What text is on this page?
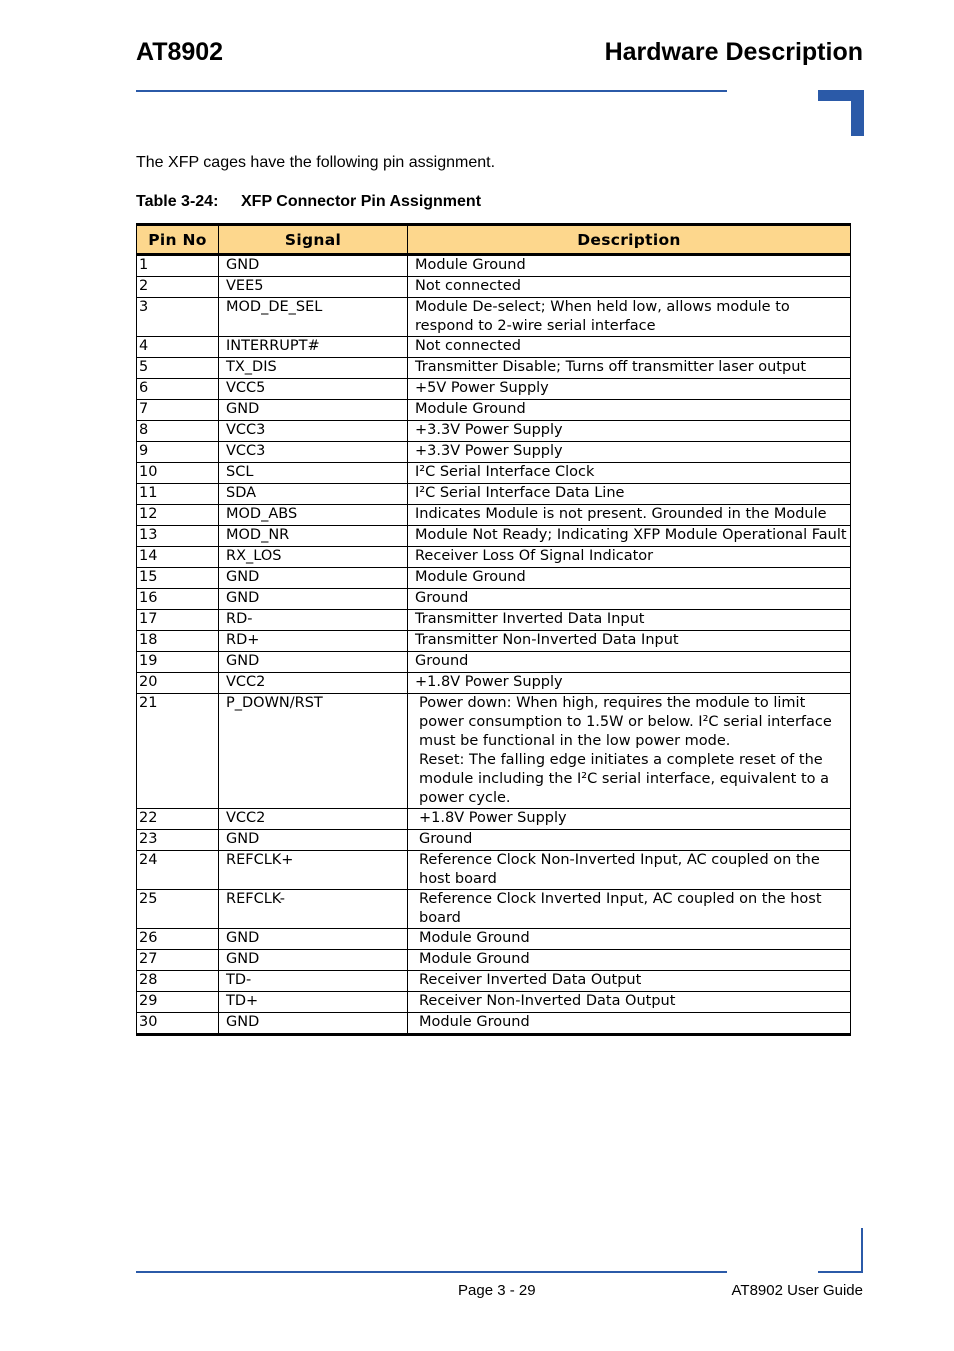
AT8902	Hardware Description
The XFP cages have the following pin assignment.
Table 3-24: XFP Connector Pin Assignment
Pin No	Signal	Description
1	GND	Module Ground

2	VEE5	Not connected

3	MOD_DE_SEL	Module De-select; When held low, allows module to respond to 2-wire serial interface

4	INTERRUPT#	Not connected

5	TX_DIS	Transmitter Disable; Turns off transmitter laser output

6	VCC5	+5V Power Supply

7	GND	Module Ground

8	VCC3	+3.3V Power Supply

9	VCC3	+3.3V Power Supply

10	SCL	I²C Serial Interface Clock

11	SDA	I²C Serial Interface Data Line

12	MOD_ABS	Indicates Module is not present. Grounded in the Module

13	MOD_NR	Module Not Ready; Indicating XFP Module Operational Fault

14	RX_LOS	Receiver Loss Of Signal Indicator

15	GND	Module Ground

16	GND	Ground

17	RD-	Transmitter Inverted Data Input

18	RD+	Transmitter Non-Inverted Data Input

19	GND	Ground

20	VCC2	+1.8V Power Supply

21	P_DOWN/RST	Power down: When high, requires the module to limit power consumption to 1.5W or below. I²C serial interface must be functional in the low power mode.
Reset: The falling edge initiates a complete reset of the module including the I²C serial interface, equivalent to a power cycle.

22	VCC2	+1.8V Power Supply

23	GND	Ground

24	REFCLK+	Reference Clock Non-Inverted Input, AC coupled on the host board

25	REFCLK-	Reference Clock Inverted Input, AC coupled on the host board

26	GND	Module Ground

27	GND	Module Ground

28	TD-	Receiver Inverted Data Output

29	TD+	Receiver Non-Inverted Data Output

30	GND	Module Ground
Page 3 - 29	AT8902 User Guide
